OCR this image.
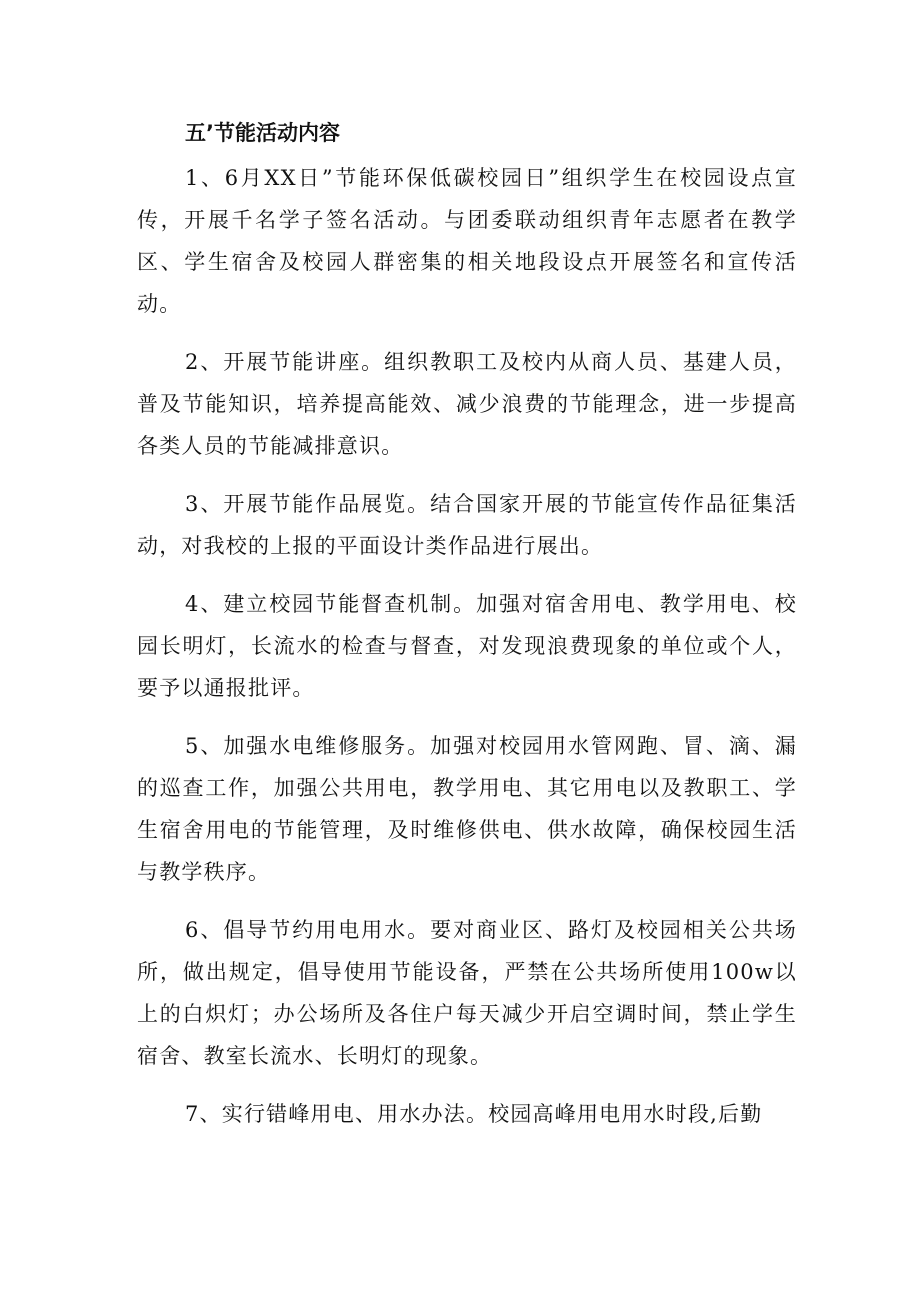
五’节能活动内容

1、6月XX日”节能环保低碳校园日”组织学生在校园设点宣传，开展千名学子签名活动。与团委联动组织青年志愿者在教学区、学生宿舍及校园人群密集的相关地段设点开展签名和宣传活动。

2、开展节能讲座。组织教职工及校内从商人员、基建人员，普及节能知识，培养提高能效、减少浪费的节能理念，进一步提高各类人员的节能减排意识。

3、开展节能作品展览。结合国家开展的节能宣传作品征集活动，对我校的上报的平面设计类作品进行展出。

4、建立校园节能督查机制。加强对宿舍用电、教学用电、校园长明灯，长流水的检查与督查，对发现浪费现象的单位或个人，要予以通报批评。

5、加强水电维修服务。加强对校园用水管网跑、冒、滴、漏的巡查工作，加强公共用电，教学用电、其它用电以及教职工、学生宿舍用电的节能管理，及时维修供电、供水故障，确保校园生活与教学秩序。

6、倡导节约用电用水。要对商业区、路灯及校园相关公共场所，做出规定，倡导使用节能设备，严禁在公共场所使用100w以上的白炽灯；办公场所及各住户每天减少开启空调时间，禁止学生宿舍、教室长流水、长明灯的现象。

7、实行错峰用电、用水办法。校园高峰用电用水时段,后勤
